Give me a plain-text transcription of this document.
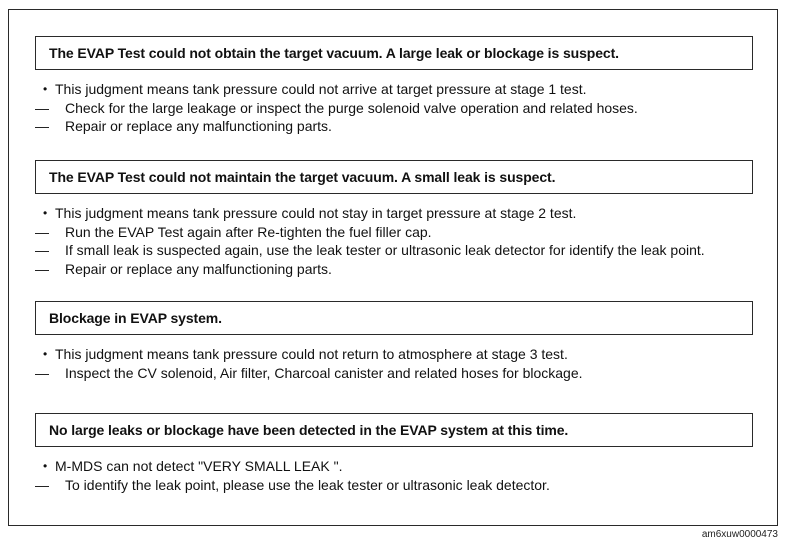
The EVAP Test could not obtain the target vacuum. A large leak or blockage is suspect.
• This judgment means tank pressure could not arrive at target pressure at stage 1 test.
—	Check for the large leakage or inspect the purge solenoid valve operation and related hoses.
—	Repair or replace any malfunctioning parts.
The EVAP Test could not maintain the target vacuum. A small leak is suspect.
• This judgment means tank pressure could not stay in target pressure at stage 2 test.
—	Run the EVAP Test again after Re-tighten the fuel filler cap.
—	If small leak is suspected again, use the leak tester or ultrasonic leak detector for identify the leak point.
—	Repair or replace any malfunctioning parts.
Blockage in EVAP system.
• This judgment means tank pressure could not return to atmosphere at stage 3 test.
—	Inspect the CV solenoid, Air filter, Charcoal canister and related hoses for blockage.
No large leaks or blockage have been detected in the EVAP system at this time.
• M-MDS can not detect "VERY SMALL LEAK ".
—	To identify the leak point, please use the leak tester or ultrasonic leak detector.
am6xuw0000473
